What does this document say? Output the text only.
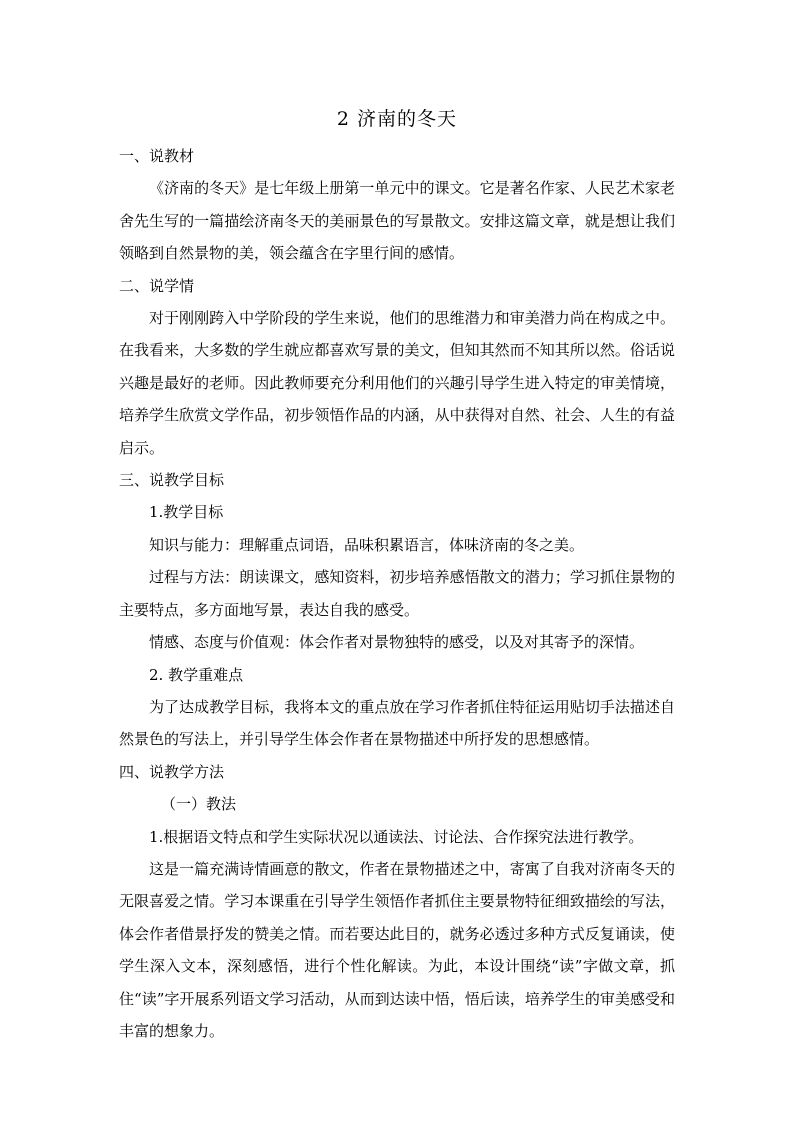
2 济南的冬天

一、说教材

《济南的冬天》是七年级上册第一单元中的课文。它是著名作家、人民艺术家老舍先生写的一篇描绘济南冬天的美丽景色的写景散文。安排这篇文章，就是想让我们领略到自然景物的美，领会蕴含在字里行间的感情。

二、说学情

对于刚刚跨入中学阶段的学生来说，他们的思维潜力和审美潜力尚在构成之中。在我看来，大多数的学生就应都喜欢写景的美文，但知其然而不知其所以然。俗话说兴趣是最好的老师。因此教师要充分利用他们的兴趣引导学生进入特定的审美情境，培养学生欣赏文学作品，初步领悟作品的内涵，从中获得对自然、社会、人生的有益启示。

三、说教学目标

1.教学目标

知识与能力：理解重点词语，品味积累语言，体味济南的冬之美。

过程与方法：朗读课文，感知资料，初步培养感悟散文的潜力；学习抓住景物的主要特点，多方面地写景，表达自我的感受。

情感、态度与价值观：体会作者对景物独特的感受，以及对其寄予的深情。

2. 教学重难点

为了达成教学目标，我将本文的重点放在学习作者抓住特征运用贴切手法描述自然景色的写法上，并引导学生体会作者在景物描述中所抒发的思想感情。

四、说教学方法

（一）教法

1.根据语文特点和学生实际状况以通读法、讨论法、合作探究法进行教学。

这是一篇充满诗情画意的散文，作者在景物描述之中，寄寓了自我对济南冬天的无限喜爱之情。学习本课重在引导学生领悟作者抓住主要景物特征细致描绘的写法，体会作者借景抒发的赞美之情。而若要达此目的，就务必透过多种方式反复诵读，使学生深入文本，深刻感悟，进行个性化解读。为此，本设计围绕“读”字做文章，抓住“读”字开展系列语文学习活动，从而到达读中悟，悟后读，培养学生的审美感受和丰富的想象力。
